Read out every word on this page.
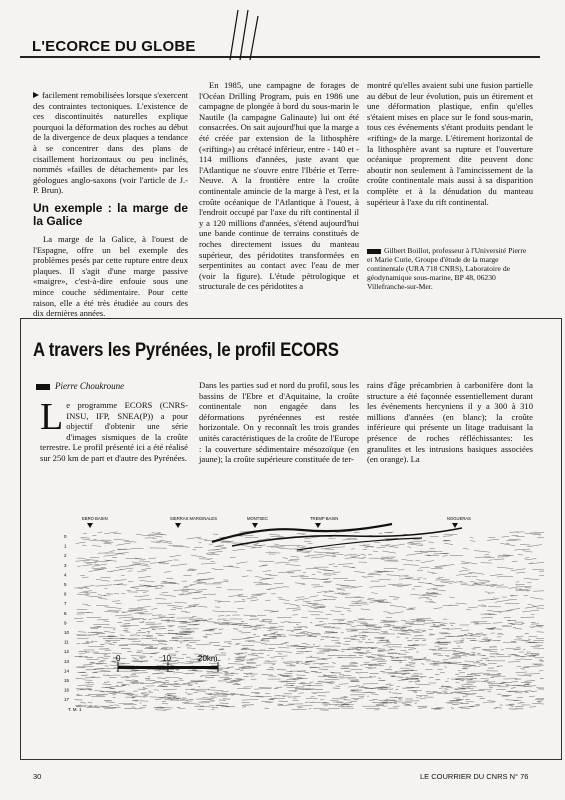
L'ECORCE DU GLOBE

facilement remobilisées lorsque s'exercent des contraintes tectoniques. L'existence de ces discontinuités naturelles explique pourquoi la déformation des roches au début de la divergence de deux plaques a tendance à se concentrer dans des plans de cisaillement horizontaux ou peu inclinés, nommés «failles de détachement» par les géologues anglo-saxons (voir l'article de J.-P. Brun).

Un exemple : la marge de la Galice

La marge de la Galice, à l'ouest de l'Espagne, offre un bel exemple des problèmes pesés par cette rupture entre deux plaques. Il s'agit d'une marge passive «maigre», c'est-à-dire enfouie sous une mince couche sédimentaire. Pour cette raison, elle a été très étudiée au cours des dix dernières années.

En 1985, une campagne de forages de l'Océan Drilling Program, puis en 1986 une campagne de plongée à bord du sous-marin le Nautile (la campagne Galinaute) lui ont été consacrées. On sait aujourd'hui que la marge a été créée par extension de la lithosphère («rifting») au crétacé inférieur, entre - 140 et - 114 millions d'années, juste avant que l'Atlantique ne s'ouvre entre l'Ibérie et Terre-Neuve. A la frontière entre la croûte continentale amincie de la marge à l'est, et la croûte océanique de l'Atlantique à l'ouest, à l'endroit occupé par l'axe du rift continental il y a 120 millions d'années, s'étend aujourd'hui une bande continue de terrains constitués de roches directement issues du manteau supérieur, des péridotites transformées en serpentinites au contact avec l'eau de mer (voir la figure). L'étude pétrologique et structurale de ces péridotites a

montré qu'elles avaient subi une fusion partielle au début de leur évolution, puis un étirement et une déformation plastique, enfin qu'elles s'étaient mises en place sur le fond sous-marin, tous ces événements s'étant produits pendant le «rifting» de la marge. L'étirement horizontal de la lithosphère avant sa rupture et l'ouverture océanique proprement dite peuvent donc aboutir non seulement à l'amincissement de la croûte continentale mais aussi à sa disparition complète et à la dénudation du manteau supérieur à l'axe du rift continental.

Gilbert Boillot, professeur à l'Université Pierre et Marie Curie, Groupe d'étude de la marge continentale (URA 718 CNRS), Laboratoire de géodynamique sous-marine, BP 48, 06230 Villefranche-sur-Mer.
A travers les Pyrénées, le profil ECORS
Pierre Choukroune
Le programme ECORS (CNRS-INSU, IFP, SNEA(P)) a pour objectif d'obtenir une série d'images sismiques de la croûte terrestre. Le profil présenté ici a été réalisé sur 250 km de part et d'autre des Pyrénées.
Dans les parties sud et nord du profil, sous les bassins de l'Ebre et d'Aquitaine, la croûte continentale non engagée dans les déformations pyrénéennes est restée horizontale. On y reconnaît les trois grandes unités caractéristiques de la croûte de l'Europe : la couverture sédimentaire mésozoïque (en jaune); la croûte supérieure constituée de ter-
rains d'âge précambrien à carbonifère dont la structure a été façonnée essentiellement durant les événements hercyniens il y a 300 à 310 millions d'années (en blanc); la croûte inférieure qui présente un litage traduisant la présence de roches réfléchissantes: les granulites et les intrusions basiques associées (en orange). La
EBRO BASIN	SIERRAS MARGINALES	MONTSEC	TREMP BASIN	NOGUERAS
0
1
2
3
4
5
6
7
8
9
10
11
12
13
14
15
16
17
0	10	20km.
T. M. 1
30	LE COURRIER DU CNRS N° 76
